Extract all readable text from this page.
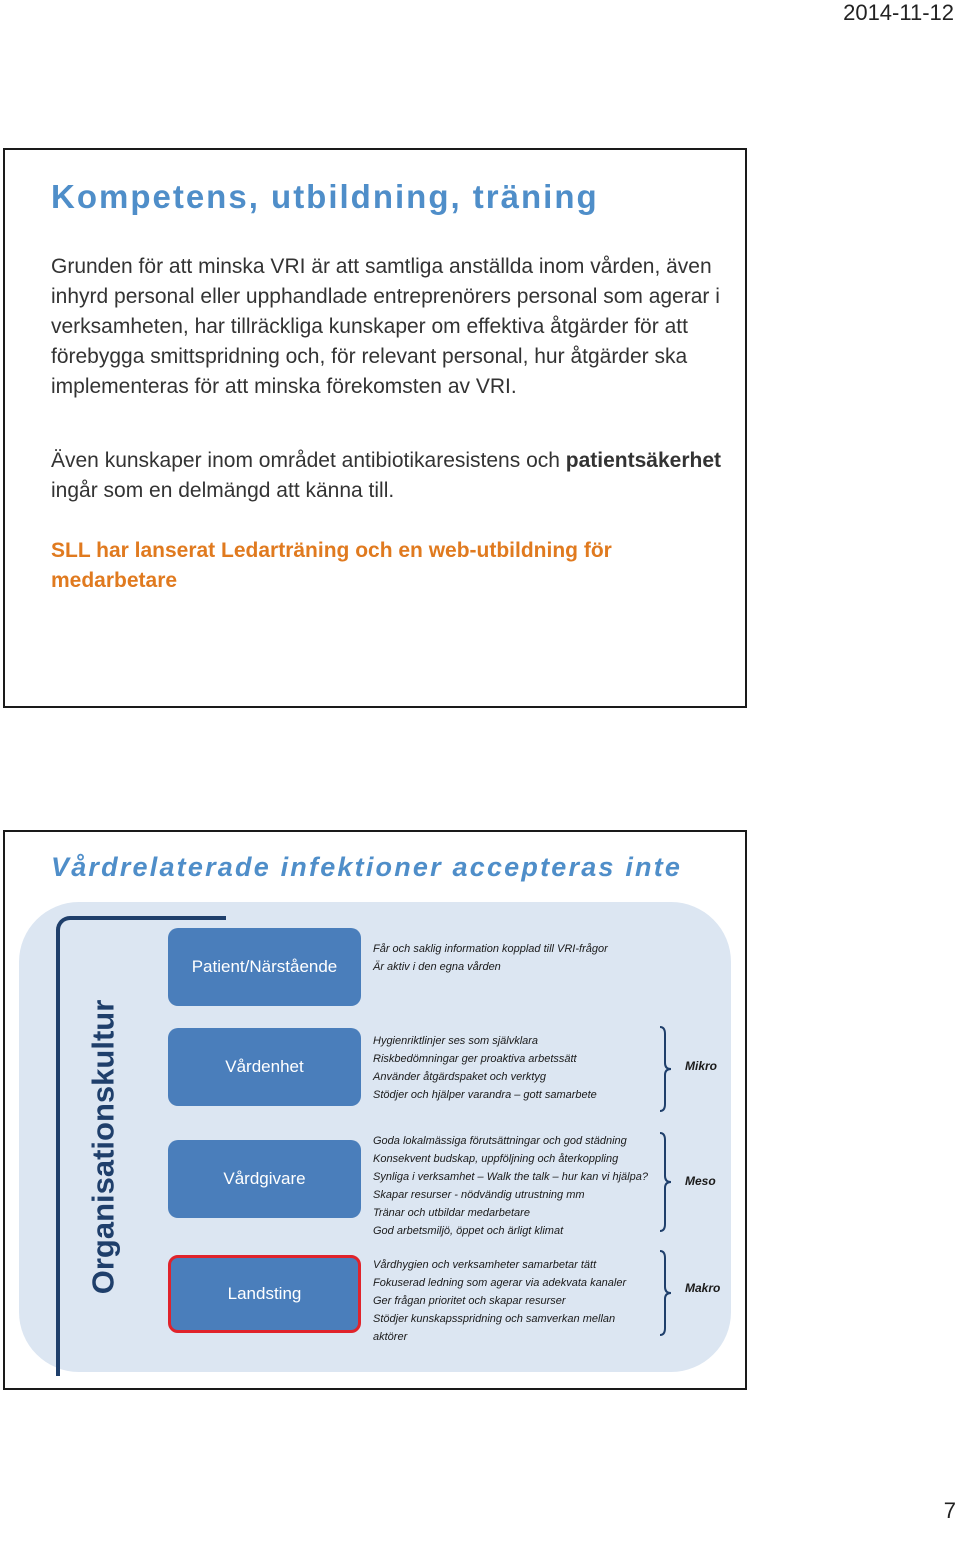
2014-11-12
Kompetens, utbildning, träning
Grunden för att minska VRI är att samtliga anställda inom vården, även inhyrd personal eller upphandlade entreprenörers personal som agerar i verksamheten, har tillräckliga kunskaper om effektiva åtgärder för att förebygga smittspridning och, för relevant personal, hur åtgärder ska implementeras för att minska förekomsten av VRI.
Även kunskaper inom området antibiotikaresistens och patientsäkerhet ingår som en delmängd att känna till.
SLL har lanserat Ledarträning och en web-utbildning för medarbetare
Vårdrelaterade infektioner accepteras inte
Organisationskultur
Patient/Närstående
Vårdenhet
Vårdgivare
Landsting
Får och saklig information kopplad till VRI-frågor
Är aktiv i den egna vården
Hygienriktlinjer ses som självklara
Riskbedömningar ger proaktiva arbetssätt
Använder åtgärdspaket och verktyg
Stödjer och hjälper varandra – gott samarbete
Goda lokalmässiga förutsättningar och god städning
Konsekvent budskap, uppföljning och återkoppling
Synliga i verksamhet – Walk the talk – hur kan vi hjälpa?
Skapar resurser - nödvändig utrustning mm
Tränar och utbildar medarbetare
God arbetsmiljö, öppet och ärligt klimat
Vårdhygien och verksamheter samarbetar tätt
Fokuserad ledning som agerar via adekvata kanaler
Ger frågan prioritet och skapar resurser
Stödjer kunskapsspridning och samverkan mellan
aktörer
Mikro
Meso
Makro
7
